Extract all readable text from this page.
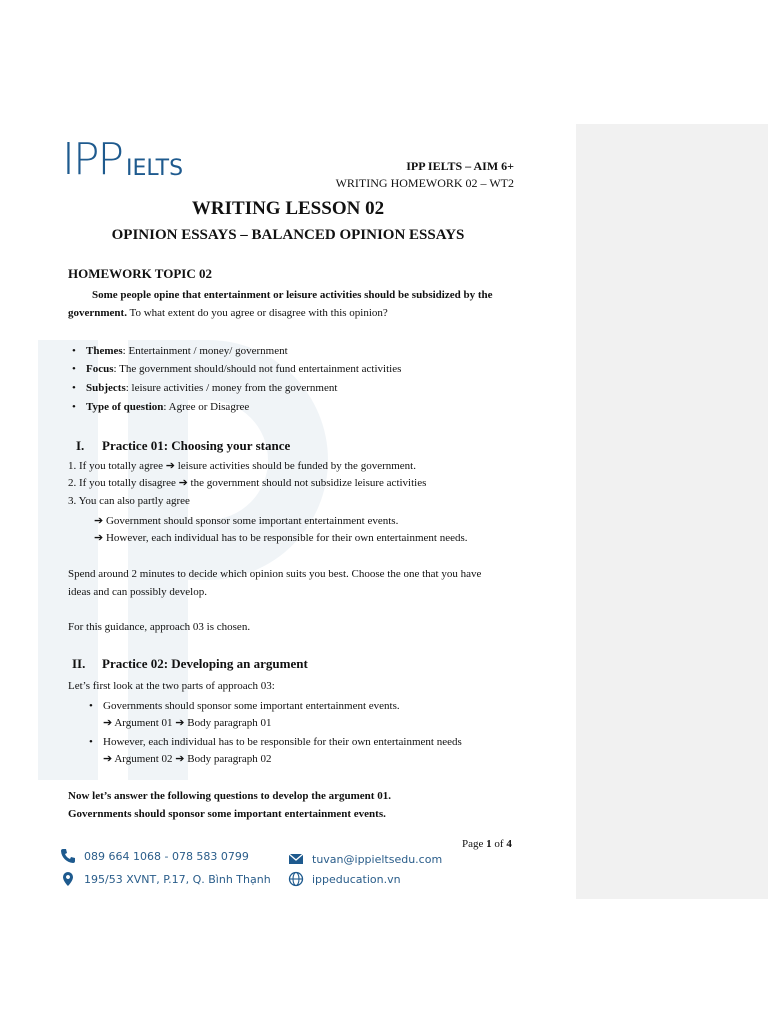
IPP IELTS	IPP IELTS – AIM 6+
WRITING HOMEWORK 02 – WT2
WRITING LESSON 02
OPINION ESSAYS – BALANCED OPINION ESSAYS
HOMEWORK TOPIC 02
Some people opine that entertainment or leisure activities should be subsidized by the
government. To what extent do you agree or disagree with this opinion?
• Themes: Entertainment / money/ government
• Focus: The government should/should not fund entertainment activities
• Subjects: leisure activities / money from the government
• Type of question: Agree or Disagree
I. Practice 01: Choosing your stance
1. If you totally agree ➔ leisure activities should be funded by the government.
2. If you totally disagree ➔ the government should not subsidize leisure activities
3. You can also partly agree
➔ Government should sponsor some important entertainment events.
➔ However, each individual has to be responsible for their own entertainment needs.
Spend around 2 minutes to decide which opinion suits you best. Choose the one that you have
ideas and can possibly develop.
For this guidance, approach 03 is chosen.
II. Practice 02: Developing an argument
Let’s first look at the two parts of approach 03:
• Governments should sponsor some important entertainment events.
➔ Argument 01 ➔ Body paragraph 01
• However, each individual has to be responsible for their own entertainment needs
➔ Argument 02 ➔ Body paragraph 02
Now let’s answer the following questions to develop the argument 01.
Governments should sponsor some important entertainment events.
Page 1 of 4
089 664 1068 - 078 583 0799
195/53 XVNT, P.17, Q. Bình Thạnh
tuvan@ippieltsedu.com
ippeducation.vn
